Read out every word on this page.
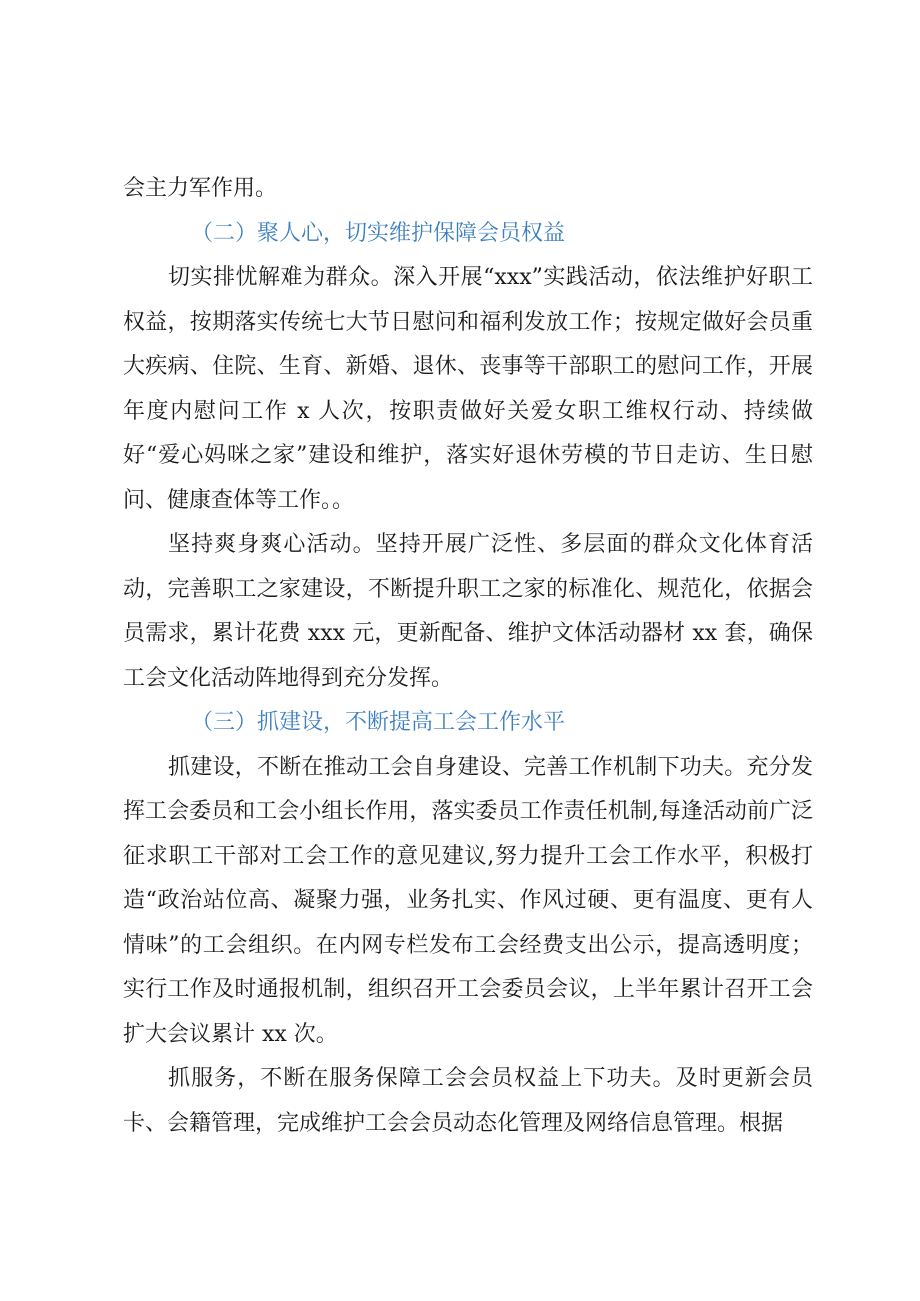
会主力军作用。

（二）聚人心，切实维护保障会员权益

切实排忧解难为群众。深入开展“xxx”实践活动，依法维护好职工权益，按期落实传统七大节日慰问和福利发放工作；按规定做好会员重大疾病、住院、生育、新婚、退休、丧事等干部职工的慰问工作，开展年度内慰问工作 x 人次，按职责做好关爱女职工维权行动、持续做好“爱心妈咪之家”建设和维护，落实好退休劳模的节日走访、生日慰问、健康查体等工作。。

坚持爽身爽心活动。坚持开展广泛性、多层面的群众文化体育活动，完善职工之家建设，不断提升职工之家的标准化、规范化，依据会员需求，累计花费 xxx 元，更新配备、维护文体活动器材 xx 套，确保工会文化活动阵地得到充分发挥。

（三）抓建设，不断提高工会工作水平

抓建设，不断在推动工会自身建设、完善工作机制下功夫。充分发挥工会委员和工会小组长作用，落实委员工作责任机制,每逢活动前广泛征求职工干部对工会工作的意见建议,努力提升工会工作水平，积极打造“政治站位高、凝聚力强，业务扎实、作风过硬、更有温度、更有人情味”的工会组织。在内网专栏发布工会经费支出公示，提高透明度；实行工作及时通报机制，组织召开工会委员会议，上半年累计召开工会扩大会议累计 xx 次。

抓服务，不断在服务保障工会会员权益上下功夫。及时更新会员卡、会籍管理，完成维护工会会员动态化管理及网络信息管理。根据
